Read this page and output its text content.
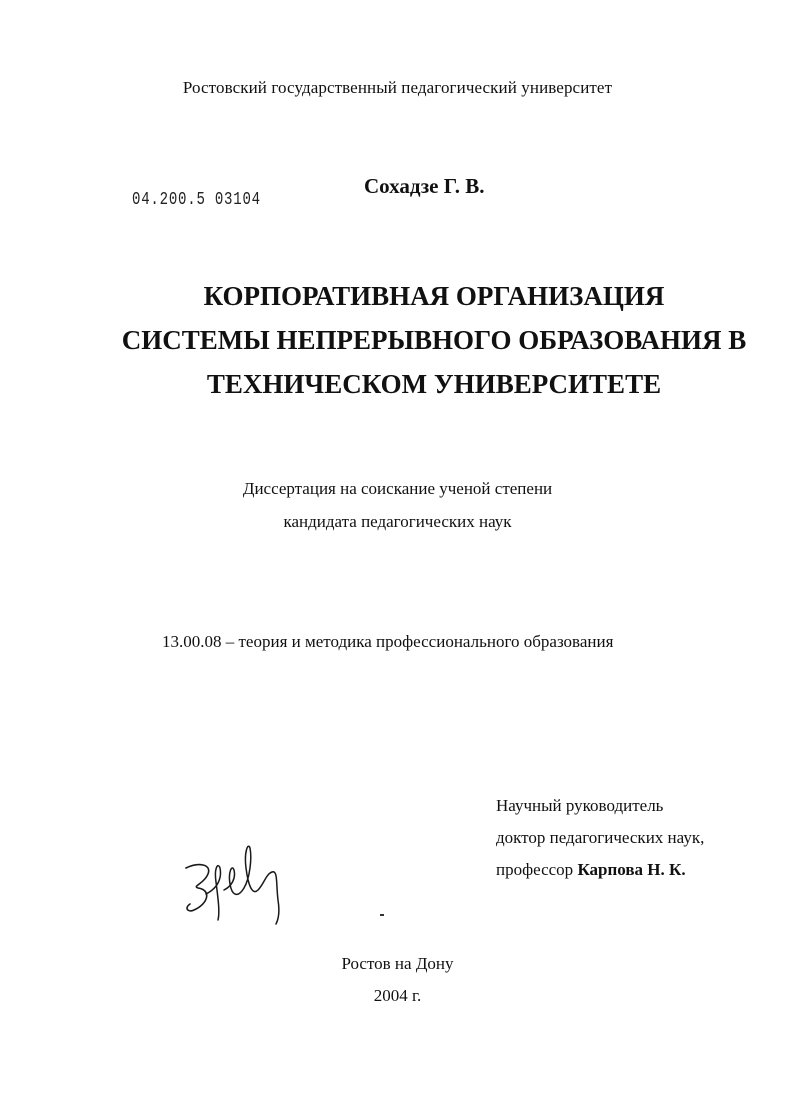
Ростовский государственный педагогический университет
04.200.5 03104
Сохадзе Г. В.
КОРПОРАТИВНАЯ ОРГАНИЗАЦИЯ
СИСТЕМЫ НЕПРЕРЫВНОГО ОБРАЗОВАНИЯ В
ТЕХНИЧЕСКОМ УНИВЕРСИТЕТЕ
Диссертация на соискание ученой степени
кандидата педагогических наук
13.00.08 – теория и методика профессионального образования
Научный руководитель
доктор педагогических наук,
профессор Карпова Н. К.
Ростов на Дону
2004 г.
